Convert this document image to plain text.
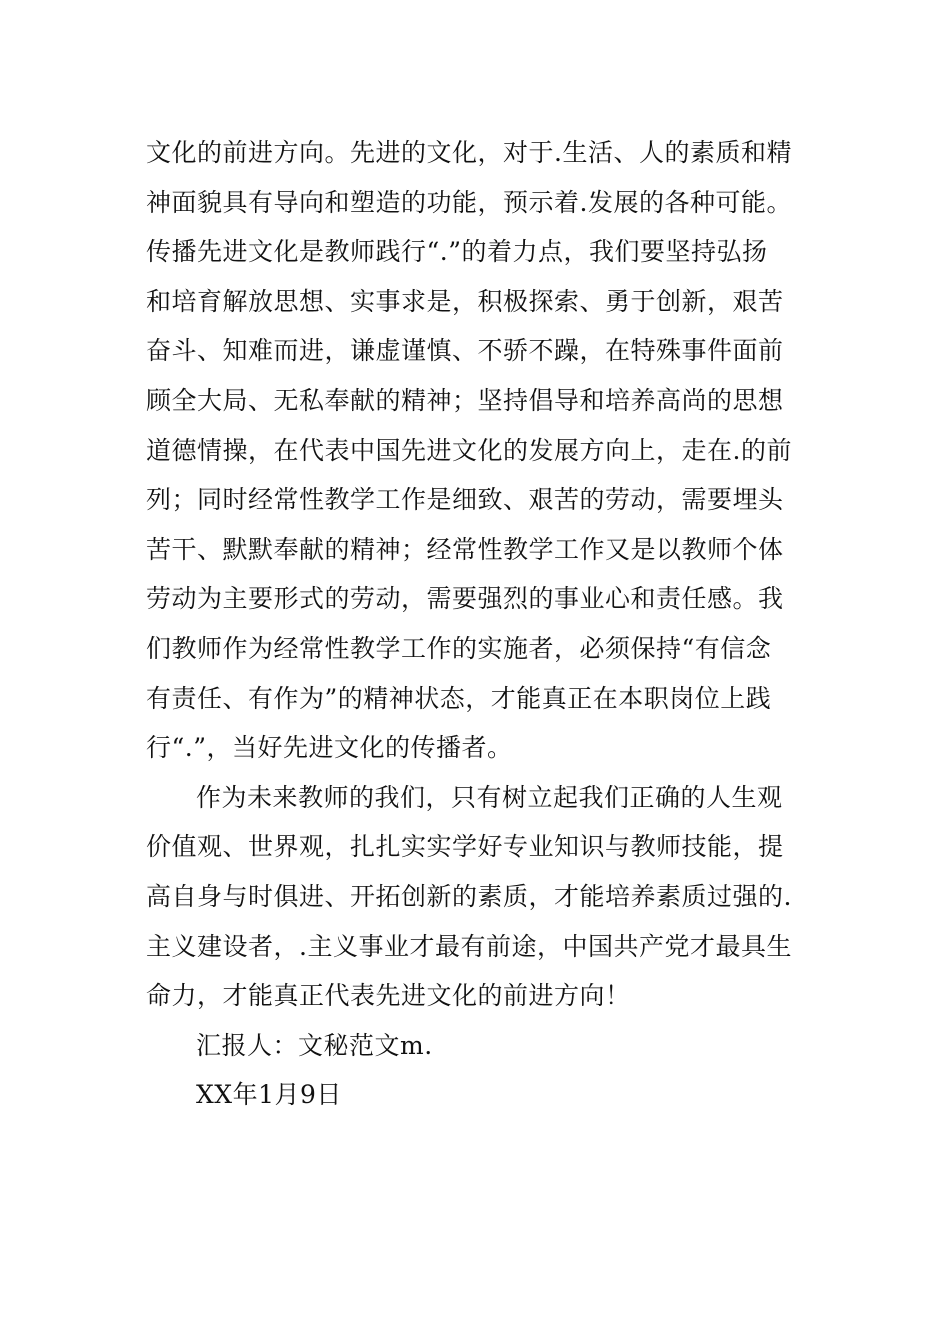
文化的前进方向。先进的文化，对于.生活、人的素质和精
神面貌具有导向和塑造的功能，预示着.发展的各种可能。
传播先进文化是教师践行“.”的着力点，我们要坚持弘扬
和培育解放思想、实事求是，积极探索、勇于创新，艰苦
奋斗、知难而进，谦虚谨慎、不骄不躁，在特殊事件面前
顾全大局、无私奉献的精神；坚持倡导和培养高尚的思想
道德情操，在代表中国先进文化的发展方向上，走在.的前
列；同时经常性教学工作是细致、艰苦的劳动，需要埋头
苦干、默默奉献的精神；经常性教学工作又是以教师个体
劳动为主要形式的劳动，需要强烈的事业心和责任感。我
们教师作为经常性教学工作的实施者，必须保持“有信念
有责任、有作为”的精神状态，才能真正在本职岗位上践
行“.”，当好先进文化的传播者。
作为未来教师的我们，只有树立起我们正确的人生观
价值观、世界观，扎扎实实学好专业知识与教师技能，提
高自身与时俱进、开拓创新的素质，才能培养素质过强的.
主义建设者，.主义事业才最有前途，中国共产党才最具生
命力，才能真正代表先进文化的前进方向！
汇报人：文秘范文m.
XX年1月9日
